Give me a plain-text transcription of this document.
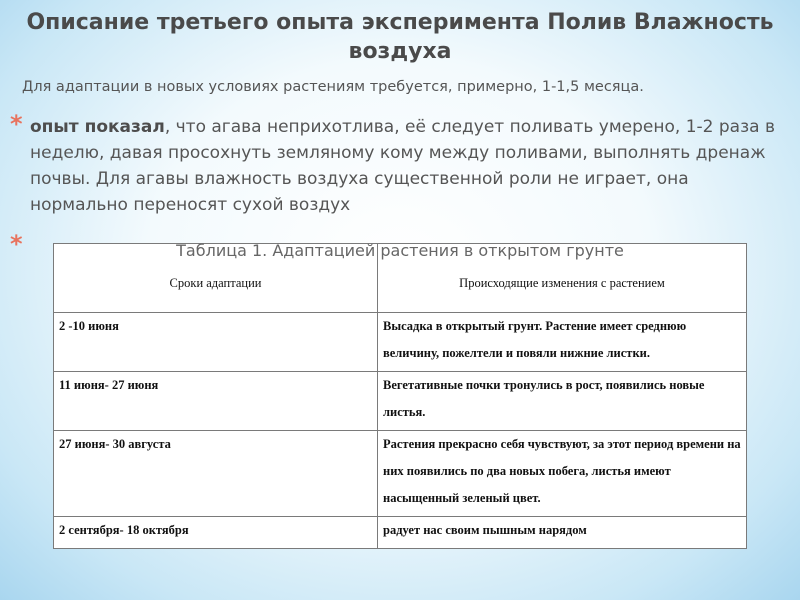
Описание третьего опыта эксперимента Полив Влажность воздуха

Для адаптации в новых условиях растениям требуется, примерно, 1-1,5 месяца.

* опыт показал, что агава неприхотлива, её следует поливать умерено, 1-2 раза в неделю, давая просохнуть земляному кому между поливами, выполнять дренаж почвы. Для агавы влажность воздуха существенной роли не играет, она нормально переносят сухой воздух

*	Таблица 1. Адаптацией растения в открытом грунте

Сроки адаптации	Происходящие изменения с растением
2 -10 июня	Высадка в открытый грунт. Растение имеет среднюю величину, пожелтели и повяли нижние листки.
11 июня- 27 июня	Вегетативные почки тронулись в рост, появились новые листья.
27 июня- 30 августа	Растения прекрасно себя чувствуют, за этот период времени на них появились по два новых побега, листья имеют насыщенный зеленый цвет.
2 сентября- 18 октября	радует нас своим пышным нарядом
